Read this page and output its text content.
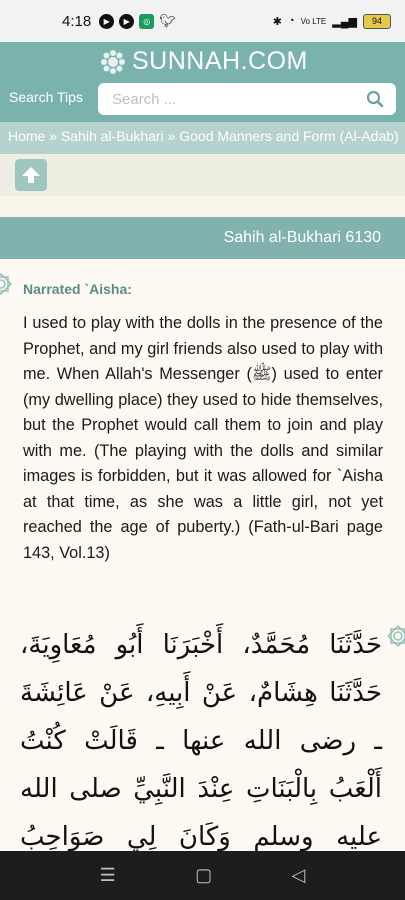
4:18	▶	▶	◎ 🐦︎	✱ ◔ Vo LTE ▂▄▆	94
SUNNAH.COM
Search Tips
Search ...
Home » Sahih al-Bukhari » Good Manners and Form (Al-Adab)
Sahih al-Bukhari 6130
Narrated `Aisha:

I used to play with the dolls in the presence of the Prophet, and my girl friends also used to play with me. When Allah's Messenger (ﷺ) used to enter (my dwelling place) they used to hide themselves, but the Prophet would call them to join and play with me. (The playing with the dolls and similar images is forbidden, but it was allowed for `Aisha at that time, as she was a little girl, not yet reached the age of puberty.) (Fath-ul-Bari page 143, Vol.13)

حَدَّثَنَا مُحَمَّدٌ، أَخْبَرَنَا أَبُو مُعَاوِيَةَ، حَدَّثَنَا هِشَامٌ، عَنْ أَبِيهِ، عَنْ عَائِشَةَ ـ رضى الله عنها ـ قَالَتْ كُنْتُ أَلْعَبُ بِالْبَنَاتِ عِنْدَ النَّبِيِّ صلى الله عليه وسلم وَكَانَ لِي صَوَاحِبُ

☰	▢	◁
